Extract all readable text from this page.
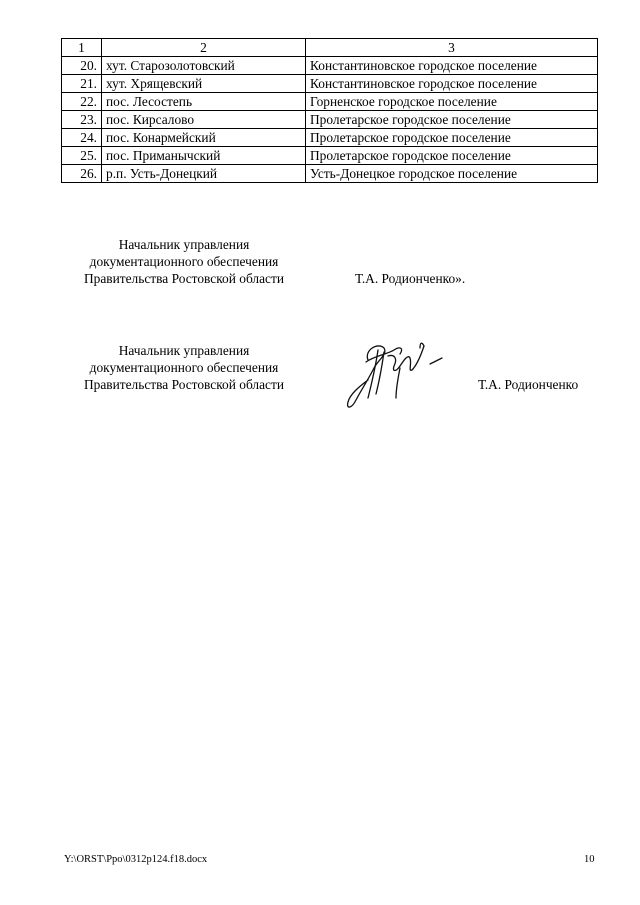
1	2	3
20.	хут. Старозолотовский	Константиновское городское поселение
21.	хут. Хрящевский	Константиновское городское поселение
22.	пос. Лесостепь	Горненское городское поселение
23.	пос. Кирсалово	Пролетарское городское поселение
24.	пос. Конармейский	Пролетарское городское поселение
25.	пос. Приманычский	Пролетарское городское поселение
26.	р.п. Усть-Донецкий	Усть-Донецкое городское поселение
Начальник управления
документационного обеспечения
Правительства Ростовской области	Т.А. Родионченко».
Начальник управления
документационного обеспечения
Правительства Ростовской области	Т.А. Родионченко
Y:\ORST\Ppo\0312p124.f18.docx	10
